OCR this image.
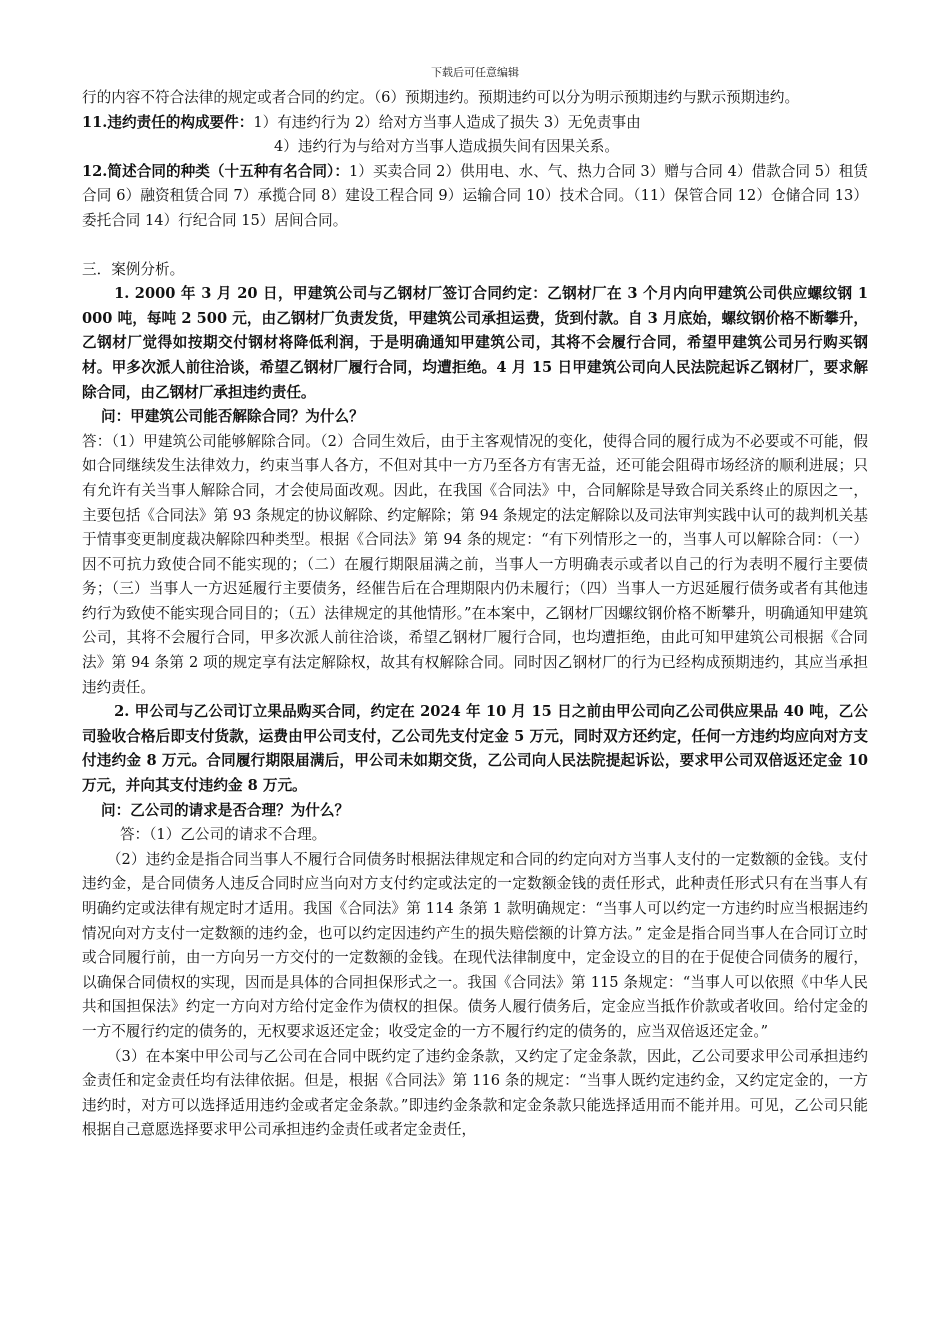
下载后可任意编辑

行的内容不符合法律的规定或者合同的约定。（6）预期违约。预期违约可以分为明示预期违约与默示预期违约。

11.违约责任的构成要件：1）有违约行为 2）给对方当事人造成了损失 3）无免责事由

4）违约行为与给对方当事人造成损失间有因果关系。

12.简述合同的种类（十五种有名合同）：1）买卖合同 2）供用电、水、气、热力合同 3）赠与合同 4）借款合同 5）租赁合同 6）融资租赁合同 7）承揽合同 8）建设工程合同 9）运输合同 10）技术合同。（11）保管合同 12）仓储合同 13）委托合同 14）行纪合同 15）居间合同。

三．案例分析。

1. 2000 年 3 月 20 日，甲建筑公司与乙钢材厂签订合同约定：乙钢材厂在 3 个月内向甲建筑公司供应螺纹钢 1 000 吨，每吨 2 500 元，由乙钢材厂负责发货，甲建筑公司承担运费，货到付款。自 3 月底始，螺纹钢价格不断攀升，乙钢材厂觉得如按期交付钢材将降低利润，于是明确通知甲建筑公司，其将不会履行合同，希望甲建筑公司另行购买钢材。甲多次派人前往洽谈，希望乙钢材厂履行合同，均遭拒绝。4 月 15 日甲建筑公司向人民法院起诉乙钢材厂，要求解除合同，由乙钢材厂承担违约责任。

问：甲建筑公司能否解除合同？为什么？

答：（1）甲建筑公司能够解除合同。（2）合同生效后，由于主客观情况的变化，使得合同的履行成为不必要或不可能，假如合同继续发生法律效力，约束当事人各方，不但对其中一方乃至各方有害无益，还可能会阻碍市场经济的顺利进展；只有允许有关当事人解除合同，才会使局面改观。因此，在我国《合同法》中，合同解除是导致合同关系终止的原因之一，主要包括《合同法》第 93 条规定的协议解除、约定解除；第 94 条规定的法定解除以及司法审判实践中认可的裁判机关基于情事变更制度裁决解除四种类型。根据《合同法》第 94 条的规定：“有下列情形之一的，当事人可以解除合同：（一）因不可抗力致使合同不能实现的；（二）在履行期限届满之前，当事人一方明确表示或者以自己的行为表明不履行主要债务；（三）当事人一方迟延履行主要债务，经催告后在合理期限内仍未履行；（四）当事人一方迟延履行债务或者有其他违约行为致使不能实现合同目的；（五）法律规定的其他情形。”在本案中，乙钢材厂因螺纹钢价格不断攀升，明确通知甲建筑公司，其将不会履行合同，甲多次派人前往洽谈，希望乙钢材厂履行合同，也均遭拒绝，由此可知甲建筑公司根据《合同法》第 94 条第 2 项的规定享有法定解除权，故其有权解除合同。同时因乙钢材厂的行为已经构成预期违约，其应当承担违约责任。

2. 甲公司与乙公司订立果品购买合同，约定在 2024 年 10 月 15 日之前由甲公司向乙公司供应果品 40 吨，乙公司验收合格后即支付货款，运费由甲公司支付，乙公司先支付定金 5 万元，同时双方还约定，任何一方违约均应向对方支付违约金 8 万元。合同履行期限届满后，甲公司未如期交货，乙公司向人民法院提起诉讼，要求甲公司双倍返还定金 10 万元，并向其支付违约金 8 万元。

问：乙公司的请求是否合理？为什么？

答：（1）乙公司的请求不合理。

（2）违约金是指合同当事人不履行合同债务时根据法律规定和合同的约定向对方当事人支付的一定数额的金钱。支付违约金，是合同债务人违反合同时应当向对方支付约定或法定的一定数额金钱的责任形式，此种责任形式只有在当事人有明确约定或法律有规定时才适用。我国《合同法》第 114 条第 1 款明确规定：“当事人可以约定一方违约时应当根据违约情况向对方支付一定数额的违约金，也可以约定因违约产生的损失赔偿额的计算方法。” 定金是指合同当事人在合同订立时或合同履行前，由一方向另一方交付的一定数额的金钱。在现代法律制度中，定金设立的目的在于促使合同债务的履行，以确保合同债权的实现，因而是具体的合同担保形式之一。我国《合同法》第 115 条规定：“当事人可以依照《中华人民共和国担保法》约定一方向对方给付定金作为债权的担保。债务人履行债务后，定金应当抵作价款或者收回。给付定金的一方不履行约定的债务的，无权要求返还定金；收受定金的一方不履行约定的债务的，应当双倍返还定金。”

（3）在本案中甲公司与乙公司在合同中既约定了违约金条款，又约定了定金条款，因此，乙公司要求甲公司承担违约金责任和定金责任均有法律依据。但是，根据《合同法》第 116 条的规定：“当事人既约定违约金，又约定定金的，一方违约时，对方可以选择适用违约金或者定金条款。”即违约金条款和定金条款只能选择适用而不能并用。可见，乙公司只能根据自己意愿选择要求甲公司承担违约金责任或者定金责任，
